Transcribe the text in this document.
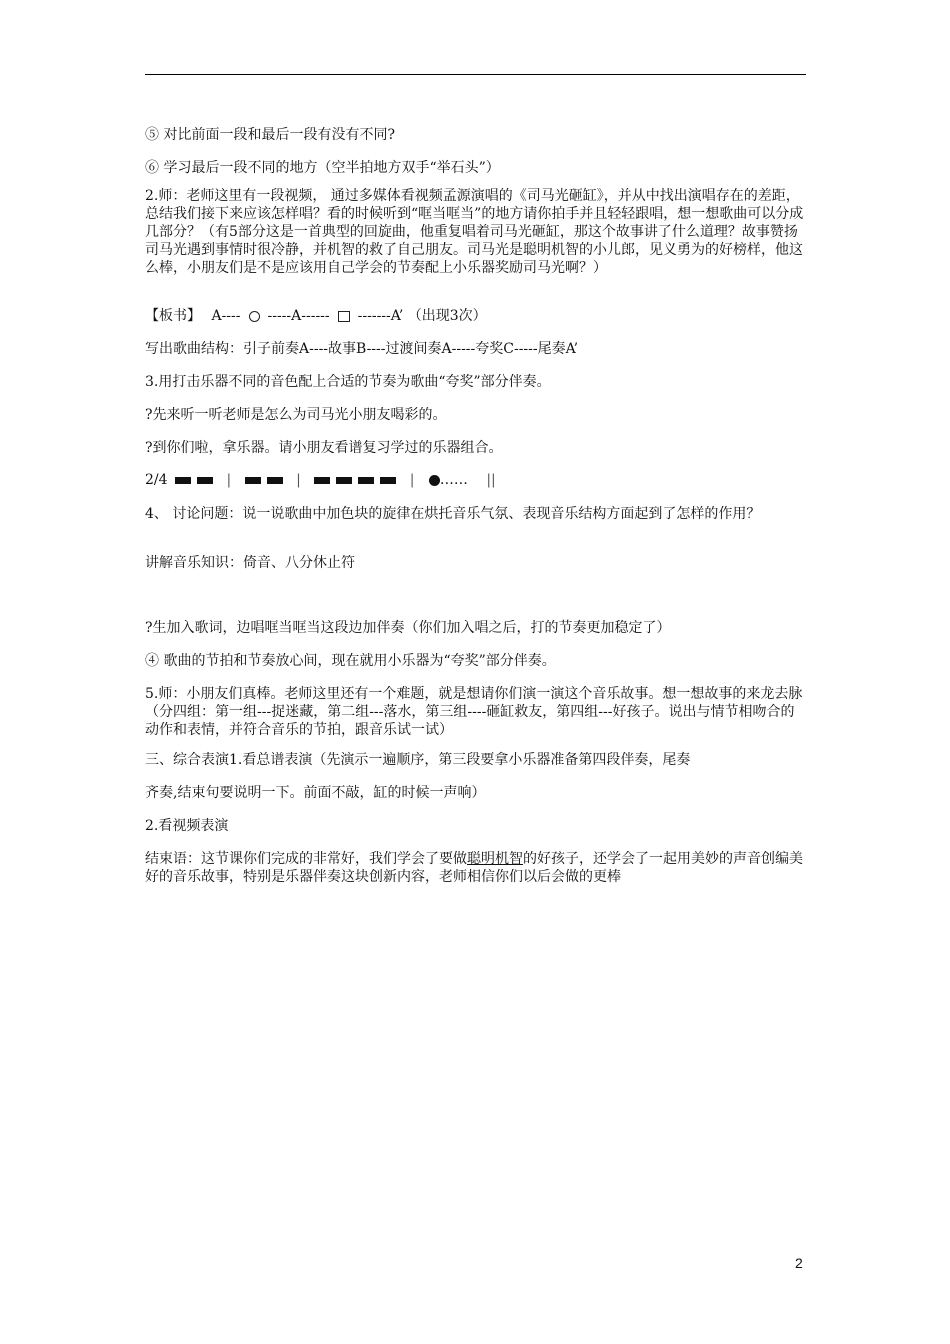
⑤ 对比前面一段和最后一段有没有不同?

⑥ 学习最后一段不同的地方（空半拍地方双手“举石头”）

2.师：老师这里有一段视频， 通过多媒体看视频孟源演唱的《司马光砸缸》，并从中找出演唱存在的差距，总结我们接下来应该怎样唱？看的时候听到“哐当哐当”的地方请你拍手并且轻轻跟唱，想一想歌曲可以分成几部分？（有5部分这是一首典型的回旋曲，他重复唱着司马光砸缸，那这个故事讲了什么道理？故事赞扬司马光遇到事情时很冷静，并机智的救了自己朋友。司马光是聪明机智的小儿郎，见义勇为的好榜样，他这么棒，小朋友们是不是应该用自己学会的节奏配上小乐器奖励司马光啊？）

【板书】 A---- -----A------ -------A’ （出现3次）

写出歌曲结构：引子前奏A----故事B----过渡间奏A-----夸奖C-----尾奏A’

3.用打击乐器不同的音色配上合适的节奏为歌曲“夸奖”部分伴奏。

?先来听一听老师是怎么为司马光小朋友喝彩的。

?到你们啦，拿乐器。请小朋友看谱复习学过的乐器组合。

2/4	|	|	| …… ||

4、 讨论问题：说一说歌曲中加色块的旋律在烘托音乐气氛、表现音乐结构方面起到了怎样的作用？

讲解音乐知识：倚音、八分休止符

?生加入歌词，边唱哐当哐当这段边加伴奏（你们加入唱之后，打的节奏更加稳定了）

④ 歌曲的节拍和节奏放心间，现在就用小乐器为“夸奖”部分伴奏。

5.师：小朋友们真棒。老师这里还有一个难题，就是想请你们演一演这个音乐故事。想一想故事的来龙去脉（分四组：第一组---捉迷藏，第二组---落水，第三组----砸缸救友，第四组---好孩子。说出与情节相吻合的动作和表情，并符合音乐的节拍，跟音乐试一试）

三、综合表演1.看总谱表演（先演示一遍顺序，第三段要拿小乐器准备第四段伴奏，尾奏

齐奏,结束句要说明一下。前面不敲，缸的时候一声响）

2.看视频表演

结束语：这节课你们完成的非常好，我们学会了要做聪明机智的好孩子，还学会了一起用美妙的声音创编美好的音乐故事，特别是乐器伴奏这块创新内容，老师相信你们以后会做的更棒

2
